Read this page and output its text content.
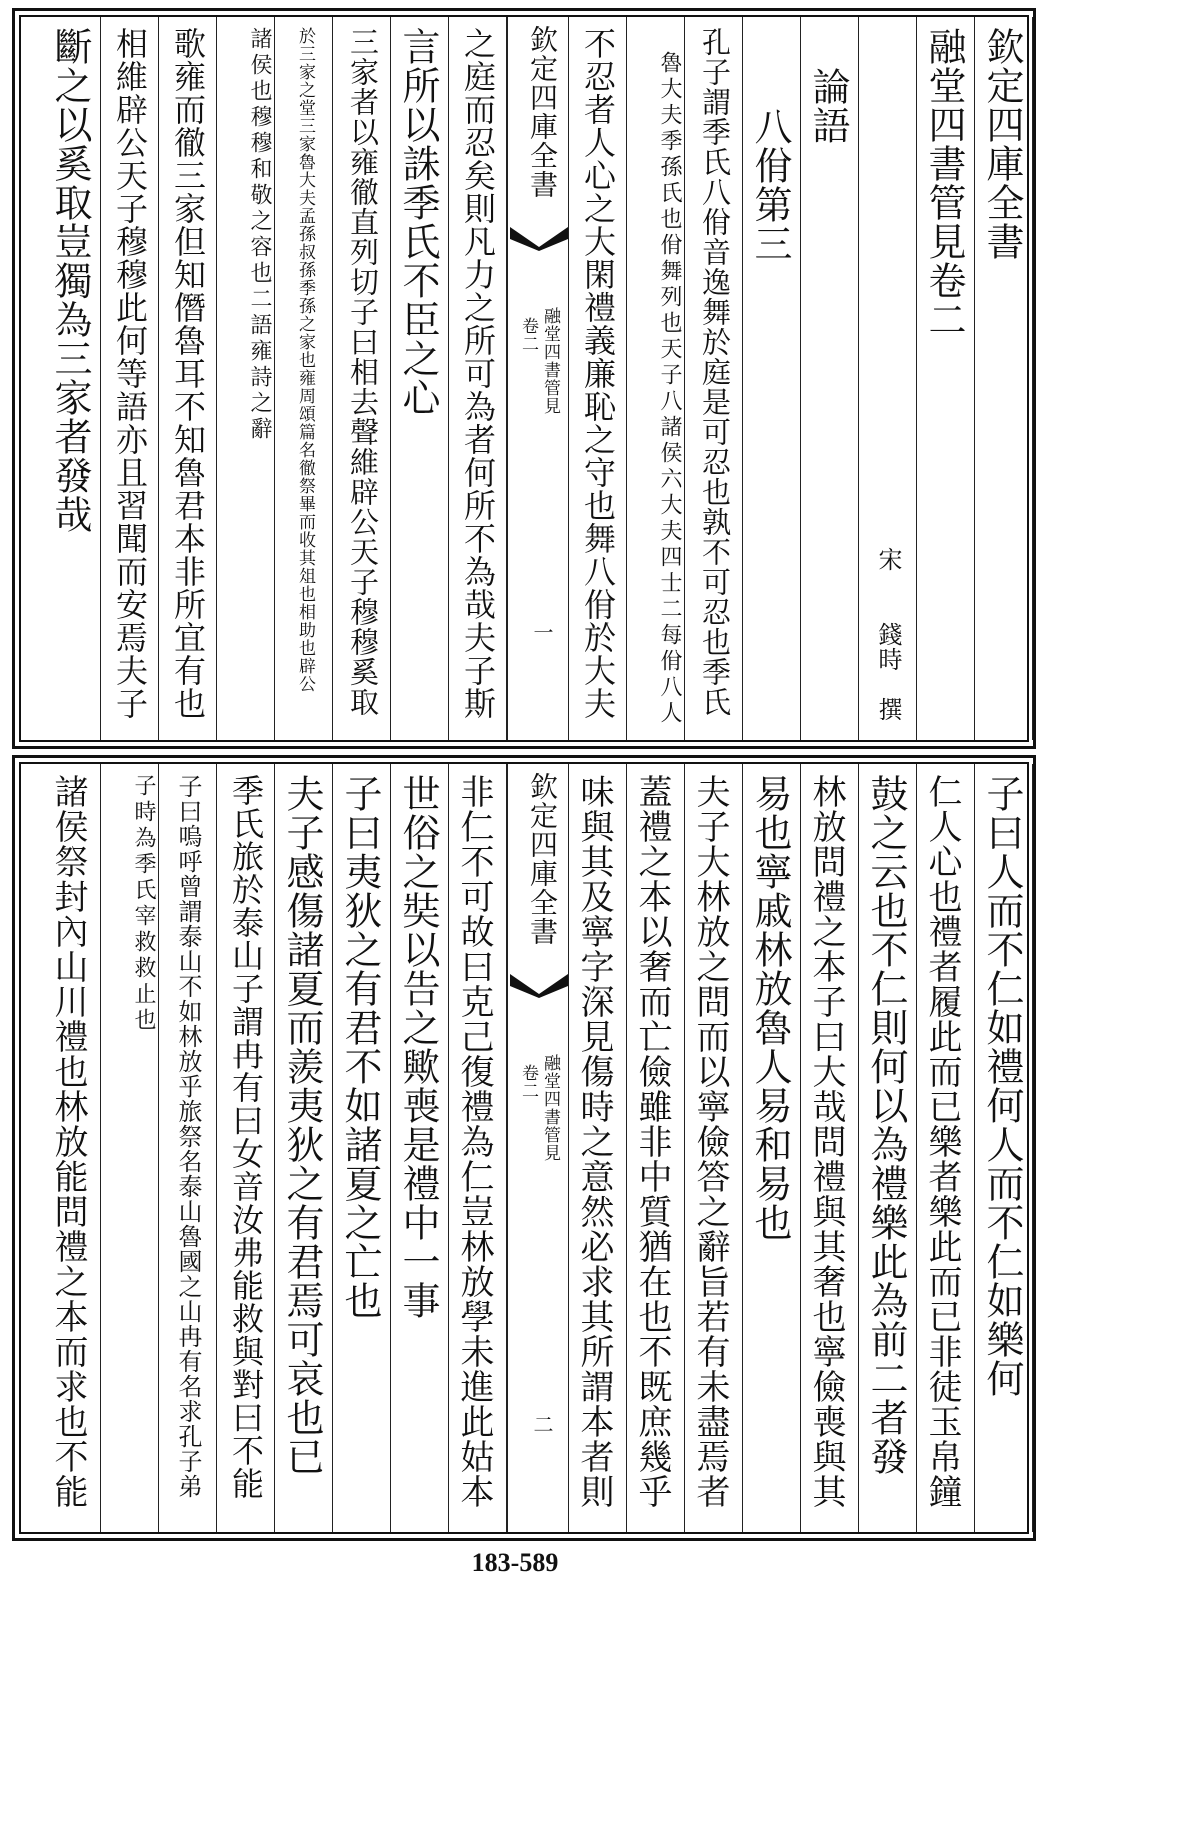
欽定四庫全書
融堂四書管見卷二
宋　　錢時　撰
論語
八佾第三
孔子謂季氏八佾音逸舞於庭是可忍也孰不可忍也季氏
魯大夫季孫氏也佾舞列也天子八諸侯六大夫四士二每佾八人
不忍者人心之大閑禮義廉恥之守也舞八佾於大夫
欽定四庫全書
融堂四書管見
卷二
一
之庭而忍矣則凡力之所可為者何所不為哉夫子斯
言所以誅季氏不臣之心
三家者以雍徹直列切子曰相去聲維辟公天子穆穆奚取
於三家之堂三家魯大夫孟孫叔孫季孫之家也雍周頌篇名徹祭畢而收其俎也相助也辟公
諸侯也穆穆和敬之容也二語雍詩之辭
歌雍而徹三家但知僭魯耳不知魯君本非所宜有也
相維辟公天子穆穆此何等語亦且習聞而安焉夫子
斷之以奚取豈獨為三家者發哉
子曰人而不仁如禮何人而不仁如樂何
仁人心也禮者履此而已樂者樂此而已非徒玉帛鐘
鼓之云也不仁則何以為禮樂此為前二者發
林放問禮之本子曰大哉問禮與其奢也寧儉喪與其
易也寧戚林放魯人易和易也
夫子大林放之問而以寧儉答之辭旨若有未盡焉者
蓋禮之本以奢而亡儉雖非中質猶在也不既庶幾乎
味與其及寧字深見傷時之意然必求其所謂本者則
欽定四庫全書
融堂四書管見
卷二
二
非仁不可故曰克己復禮為仁豈林放學未進此姑本
世俗之奘以告之歟喪是禮中一事
子曰夷狄之有君不如諸夏之亡也
夫子感傷諸夏而羨夷狄之有君焉可哀也已
季氏旅於泰山子謂冉有曰女音汝弗能救與對曰不能
子曰嗚呼曾謂泰山不如林放乎旅祭名泰山魯國之山冉有名求孔子弟
子時為季氏宰救救止也
諸侯祭封內山川禮也林放能問禮之本而求也不能
183-589
